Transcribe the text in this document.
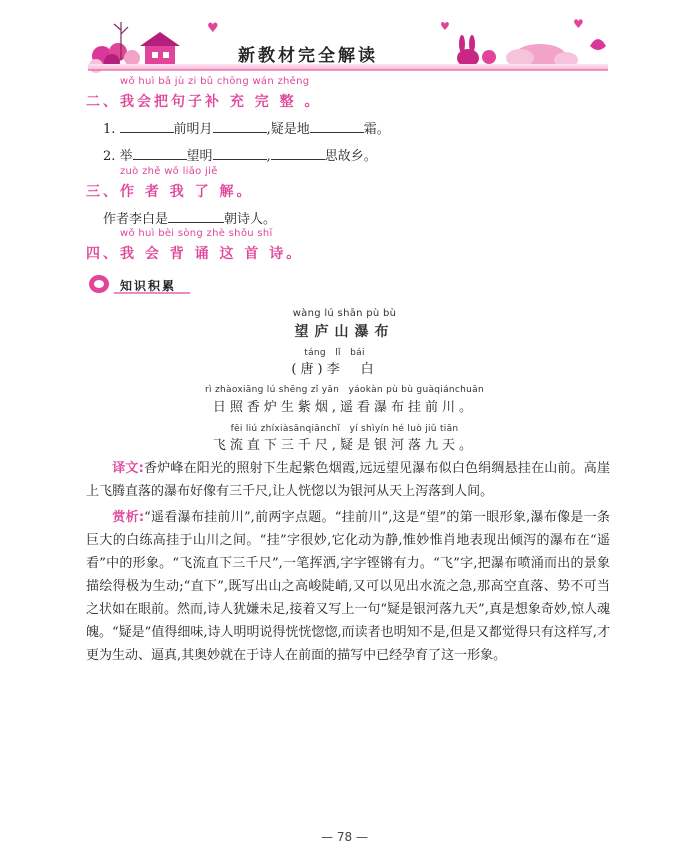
♥	♥	♥
新教材完全解读
wǒ huì bǎ jù zi bǔ chōng wán zhěng
二、我会把句子补 充 完 整 。
1.	前明月	,疑是地	霜。
2. 举	望明	,	思故乡。
zuò zhě wǒ liǎo jiě
三、作 者 我 了 解。
作者李白是	朝诗人。
wǒ huì bèi sòng zhè shǒu shī
四、我 会 背 诵 这 首 诗。
知识积累
wàng lú shān pù bù
望庐山瀑布
táng　lǐ　bái
(唐)李　白
rì zhàoxiāng lú shēng zǐ yān　yáokàn pù bù guàqiánchuān
日照香炉生紫烟,遥看瀑布挂前川。
fēi liú zhíxiàsānqiānchǐ　yí shìyín hé luò jiǔ tiān
飞流直下三千尺,疑是银河落九天。
译文:香炉峰在阳光的照射下生起紫色烟霞,远远望见瀑布似白色绢绸悬挂在山前。高崖上飞腾直落的瀑布好像有三千尺,让人恍惚以为银河从天上泻落到人间。
赏析:“遥看瀑布挂前川”,前两字点题。“挂前川”,这是“望”的第一眼形象,瀑布像是一条巨大的白练高挂于山川之间。“挂”字很妙,它化动为静,惟妙惟肖地表现出倾泻的瀑布在“遥看”中的形象。“飞流直下三千尺”,一笔挥洒,字字铿锵有力。“飞”字,把瀑布喷涌而出的景象描绘得极为生动;“直下”,既写出山之高峻陡峭,又可以见出水流之急,那高空直落、势不可当之状如在眼前。然而,诗人犹嫌未足,接着又写上一句“疑是银河落九天”,真是想象奇妙,惊人魂魄。“疑是”值得细味,诗人明明说得恍恍惚惚,而读者也明知不是,但是又都觉得只有这样写,才更为生动、逼真,其奥妙就在于诗人在前面的描写中已经孕育了这一形象。
— 78 —
